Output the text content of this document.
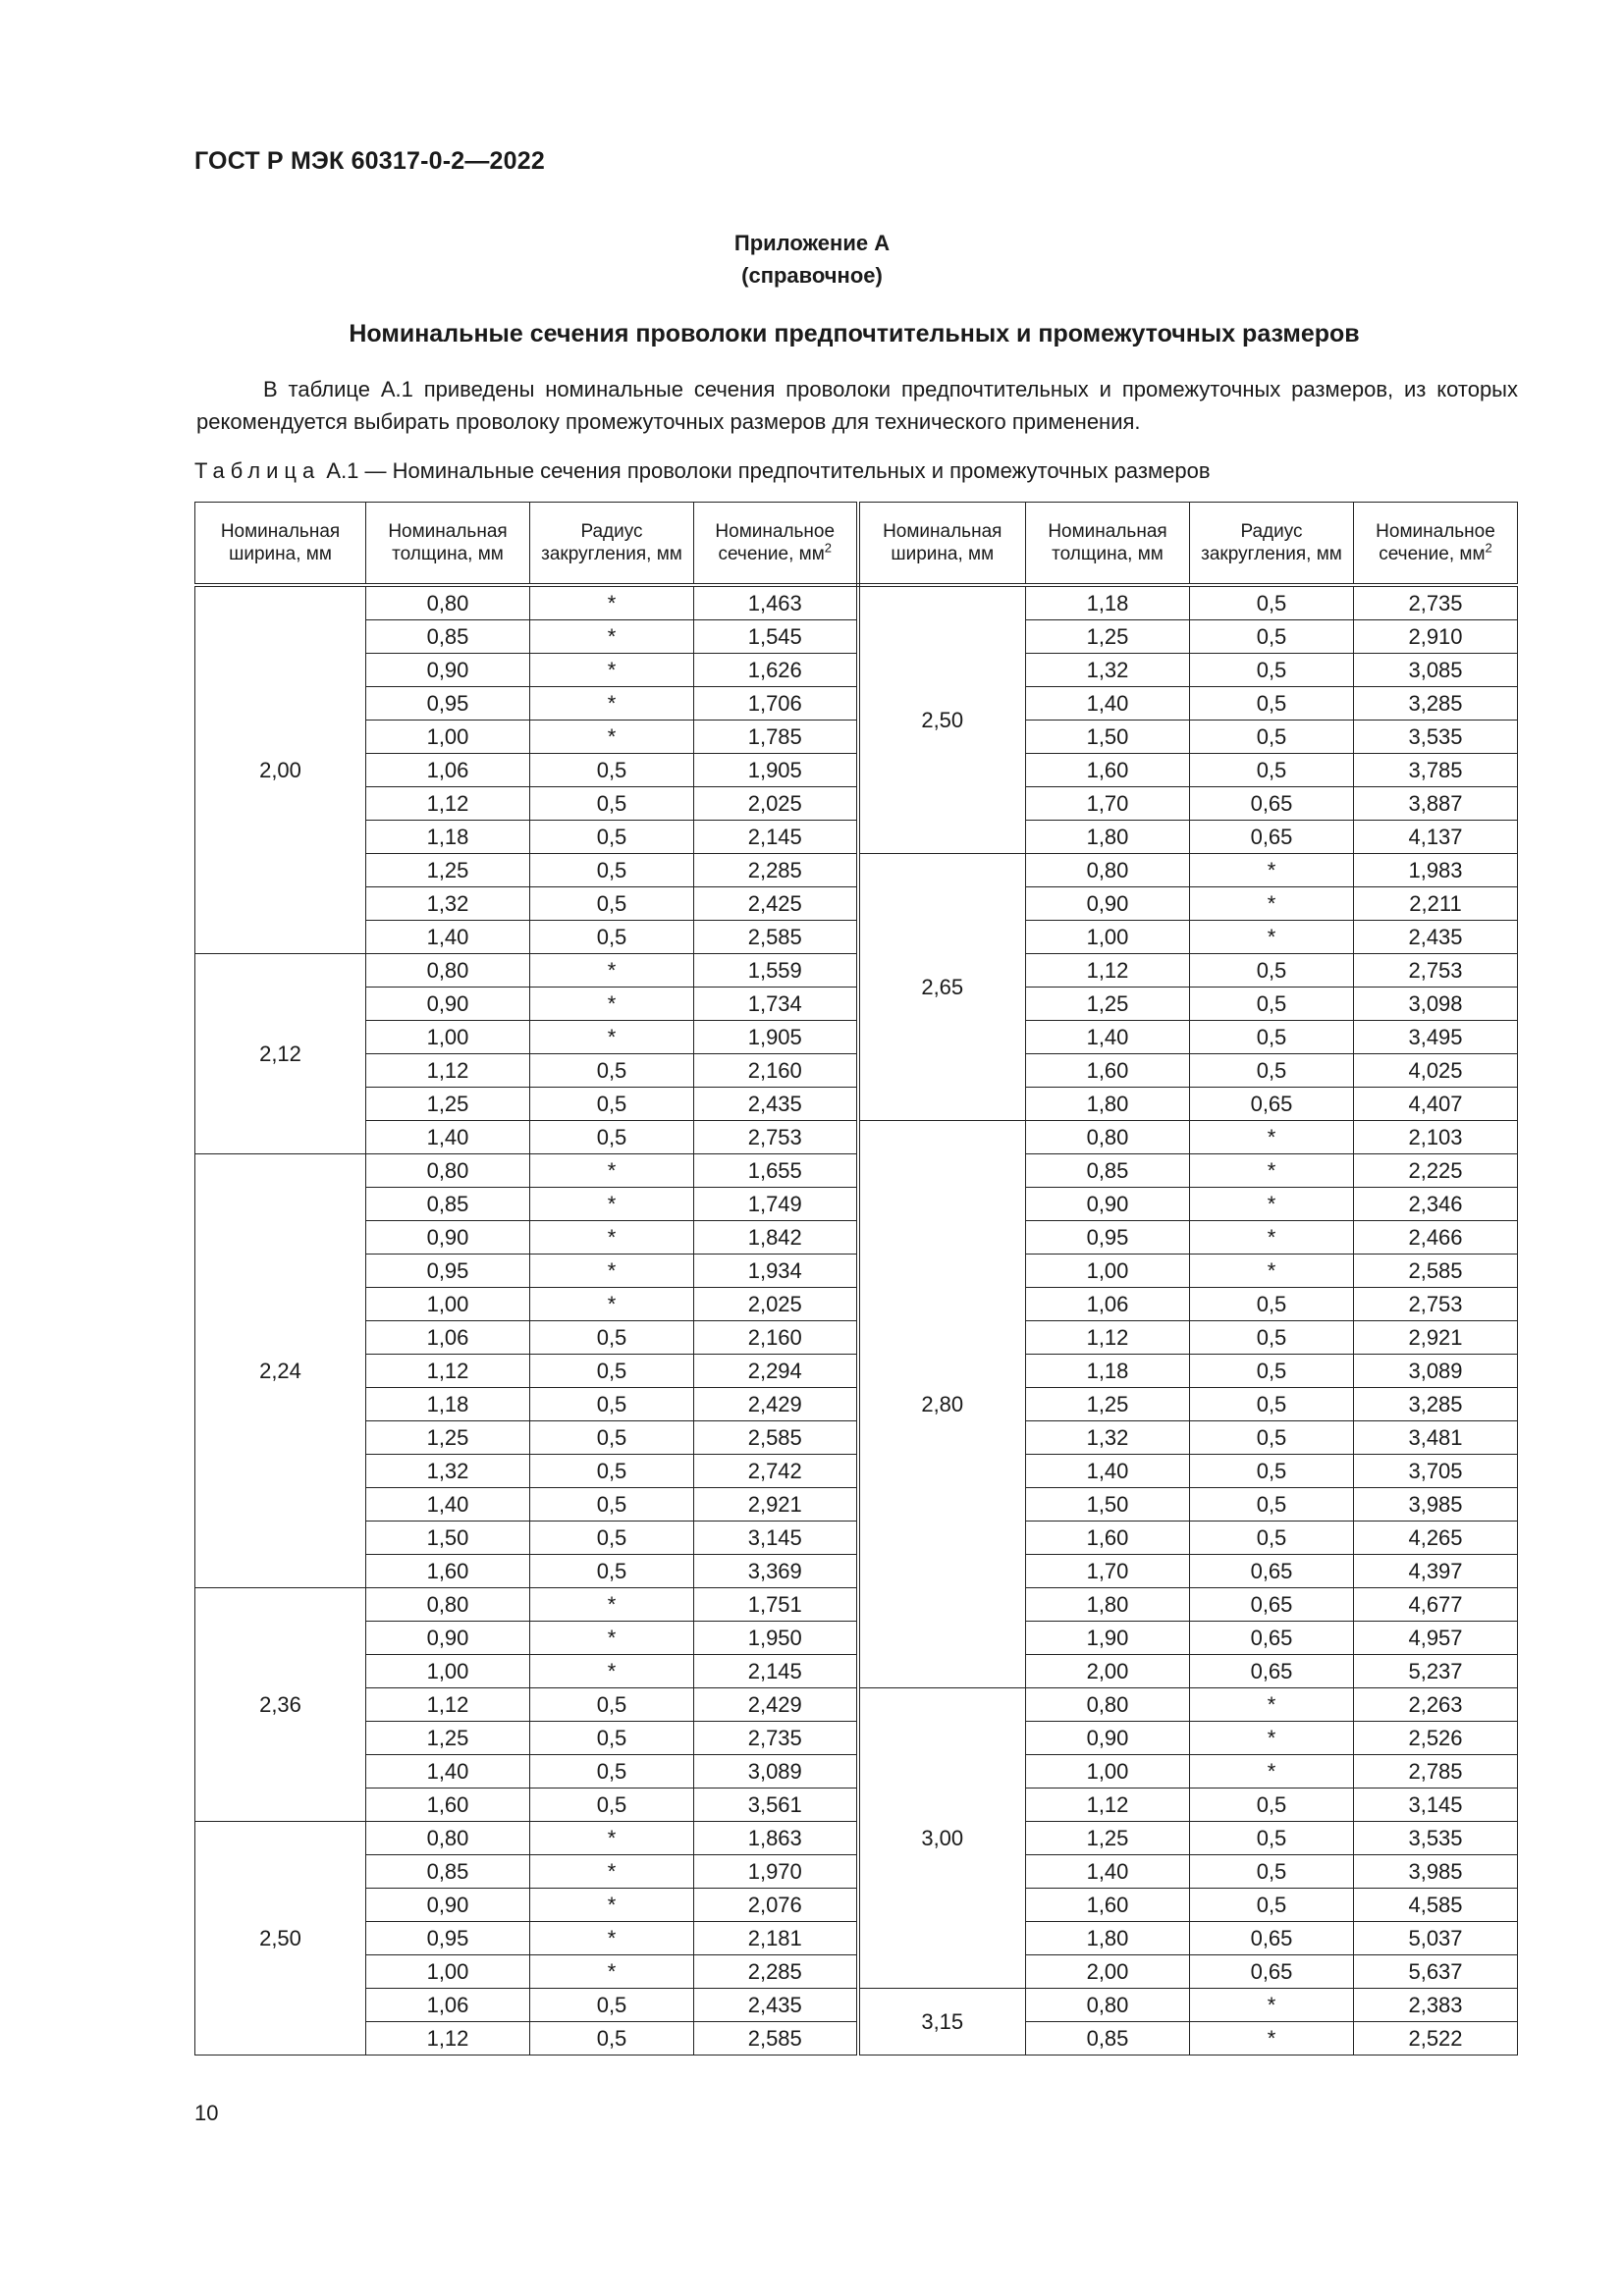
ГОСТ Р МЭК 60317-0-2—2022
Приложение А
(справочное)
Номинальные сечения проволоки предпочтительных и промежуточных размеров

В таблице А.1 приведены номинальные сечения проволоки предпочтительных и промежуточных размеров, из которых рекомендуется выбирать проволоку промежуточных размеров для технического применения.

Таблица А.1 — Номинальные сечения проволоки предпочтительных и промежуточных размеров
Номинальная ширина, мм	Номинальная толщина, мм	Радиус закругления, мм	Номинальное сечение, $мм^2$	Номинальная ширина, мм	Номинальная толщина, мм	Радиус закругления, мм	Номинальное сечение, $мм^2$
2,00	0,80	*	1,463	2,50	1,18	0,5	2,735
	0,85	*	1,545		1,25	0,5	2,910
	0,90	*	1,626		1,32	0,5	3,085
	0,95	*	1,706		1,40	0,5	3,285
	1,00	*	1,785		1,50	0,5	3,535
	1,06	0,5	1,905		1,60	0,5	3,785
	1,12	0,5	2,025		1,70	0,65	3,887
	1,18	0,5	2,145		1,80	0,65	4,137
	1,25	0,5	2,285	2,65	0,80	*	1,983
	1,32	0,5	2,425		0,90	*	2,211
	1,40	0,5	2,585		1,00	*	2,435
2,12	0,80	*	1,559		1,12	0,5	2,753
	0,90	*	1,734		1,25	0,5	3,098
	1,00	*	1,905		1,40	0,5	3,495
	1,12	0,5	2,160		1,60	0,5	4,025
	1,25	0,5	2,435		1,80	0,65	4,407
	1,40	0,5	2,753	2,80	0,80	*	2,103
2,24	0,80	*	1,655		0,85	*	2,225
	0,85	*	1,749		0,90	*	2,346
	0,90	*	1,842		0,95	*	2,466
	0,95	*	1,934		1,00	*	2,585
	1,00	*	2,025		1,06	0,5	2,753
	1,06	0,5	2,160		1,12	0,5	2,921
	1,12	0,5	2,294		1,18	0,5	3,089
	1,18	0,5	2,429		1,25	0,5	3,285
	1,25	0,5	2,585		1,32	0,5	3,481
	1,32	0,5	2,742		1,40	0,5	3,705
	1,40	0,5	2,921		1,50	0,5	3,985
	1,50	0,5	3,145		1,60	0,5	4,265
	1,60	0,5	3,369		1,70	0,65	4,397
2,36	0,80	*	1,751		1,80	0,65	4,677
	0,90	*	1,950		1,90	0,65	4,957
	1,00	*	2,145		2,00	0,65	5,237
	1,12	0,5	2,429	3,00	0,80	*	2,263
	1,25	0,5	2,735		0,90	*	2,526
	1,40	0,5	3,089		1,00	*	2,785
	1,60	0,5	3,561		1,12	0,5	3,145
2,50	0,80	*	1,863		1,25	0,5	3,535
	0,85	*	1,970		1,40	0,5	3,985
	0,90	*	2,076		1,60	0,5	4,585
	0,95	*	2,181		1,80	0,65	5,037
	1,00	*	2,285		2,00	0,65	5,637
	1,06	0,5	2,435	3,15	0,80	*	2,383
	1,12	0,5	2,585		0,85	*	2,522
10
